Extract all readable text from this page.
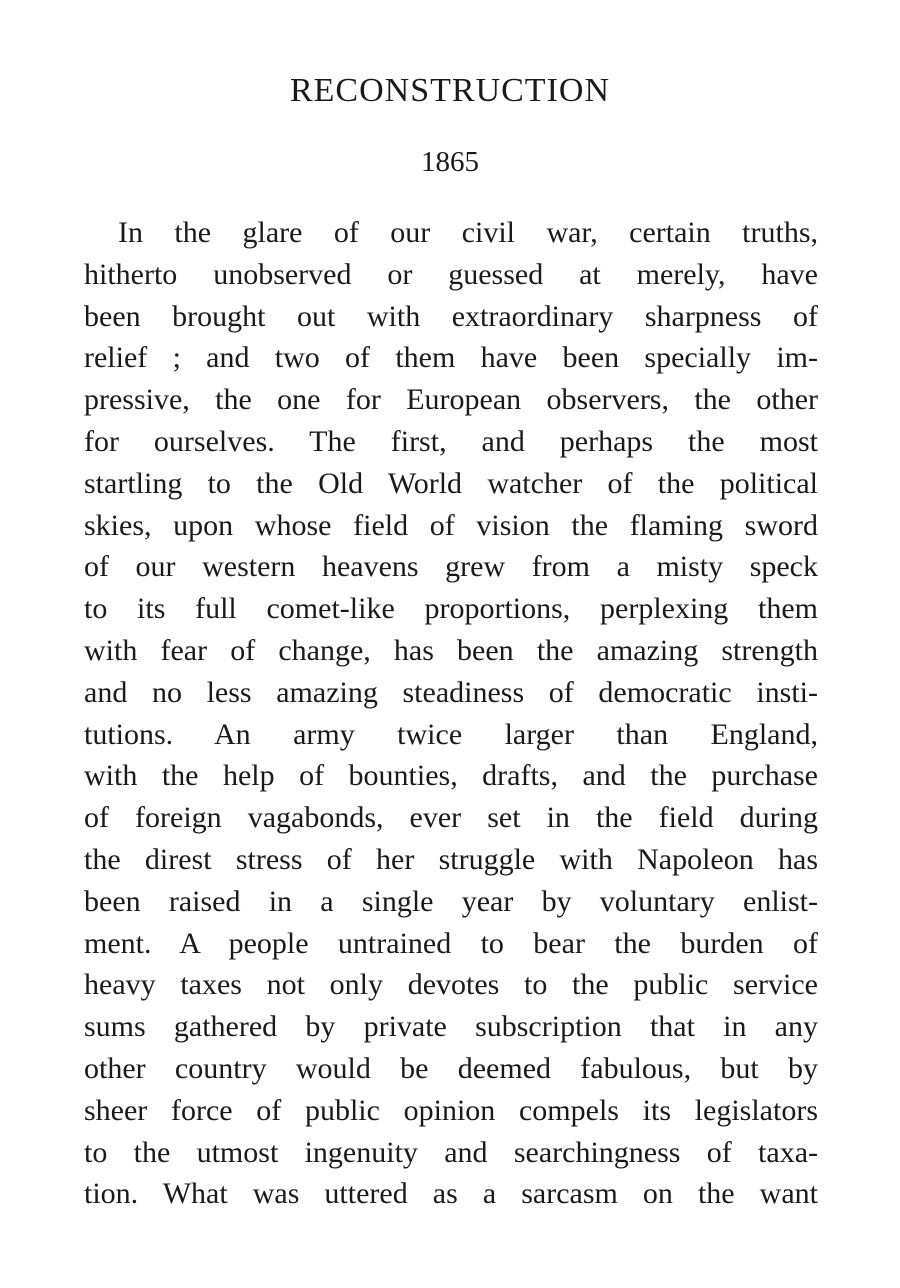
RECONSTRUCTION
1865
In the glare of our civil war, certain truths,
hitherto unobserved or guessed at merely, have
been brought out with extraordinary sharpness of
relief ; and two of them have been specially im-
pressive, the one for European observers, the other
for ourselves. The first, and perhaps the most
startling to the Old World watcher of the political
skies, upon whose field of vision the flaming sword
of our western heavens grew from a misty speck
to its full comet-like proportions, perplexing them
with fear of change, has been the amazing strength
and no less amazing steadiness of democratic insti-
tutions. An army twice larger than England,
with the help of bounties, drafts, and the purchase
of foreign vagabonds, ever set in the field during
the direst stress of her struggle with Napoleon has
been raised in a single year by voluntary enlist-
ment. A people untrained to bear the burden of
heavy taxes not only devotes to the public service
sums gathered by private subscription that in any
other country would be deemed fabulous, but by
sheer force of public opinion compels its legislators
to the utmost ingenuity and searchingness of taxa-
tion. What was uttered as a sarcasm on the want
